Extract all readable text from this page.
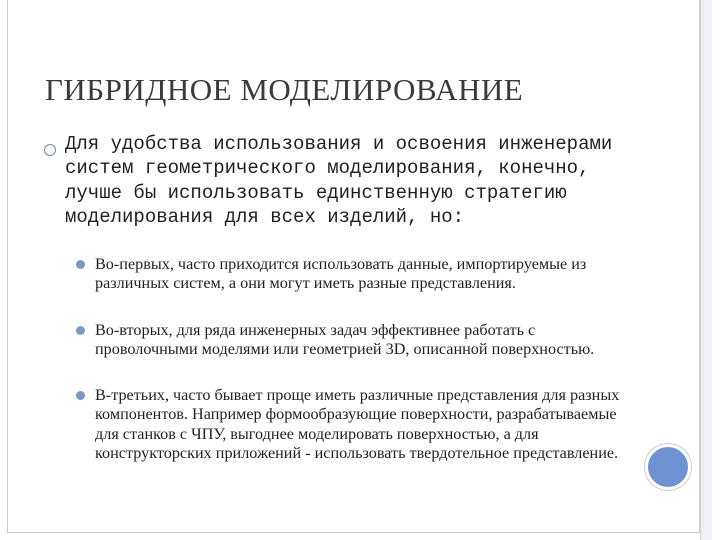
ГИБРИДНОЕ МОДЕЛИРОВАНИЕ
Для удобства использования и освоения инженерами систем геометрического моделирования, конечно, лучше бы использовать единственную стратегию моделирования для всех изделий, но:
Во-первых, часто приходится использовать данные, импортируемые из различных систем, а они могут иметь разные представления.
Во-вторых, для ряда инженерных задач эффективнее работать с проволочными моделями или геометрией 3D, описанной поверхностью.
В-третьих, часто бывает проще иметь различные представления для разных компонентов. Например формообразующие поверхности, разрабатываемые для станков с ЧПУ, выгоднее моделировать поверхностью, а для конструкторских приложений - использовать твердотельное представление.
